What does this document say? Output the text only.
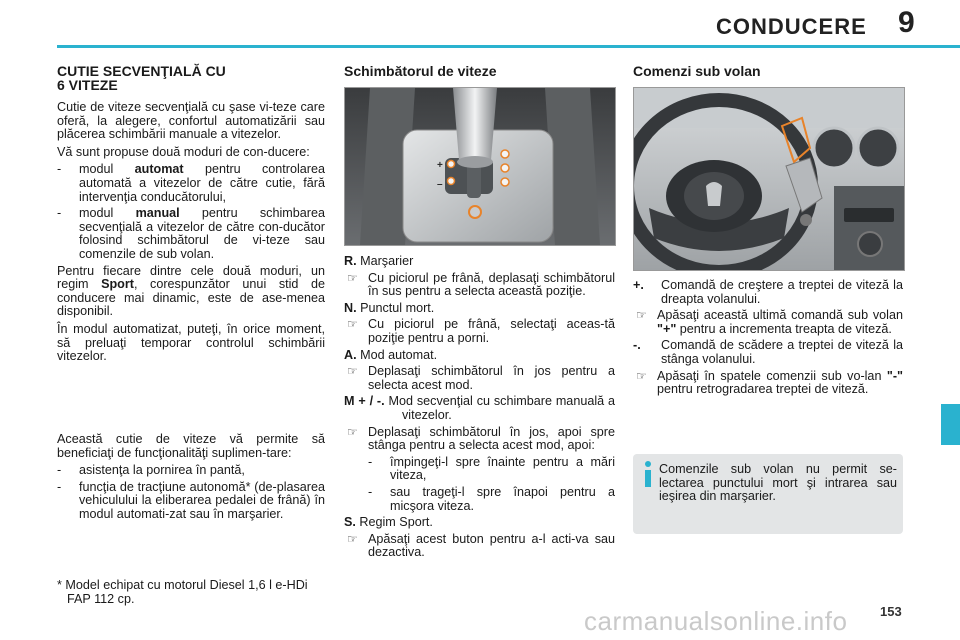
CONDUCERE 9
CUTIE SECVENŢIALĂ CU
6 VITEZE

Cutie de viteze secvenţială cu şase vi-teze care oferă, la alegere, confortul automatizării sau plăcerea schimbării manuale a vitezelor.

Vă sunt propuse două moduri de con-ducere:

- modul automat pentru controlarea automată a vitezelor de către cutie, fără intervenţia conducătorului,
- modul manual pentru schimbarea secvenţială a vitezelor de către con-ducător folosind schimbătorul de vi-teze sau comenzile de sub volan.

Pentru fiecare dintre cele două moduri, un regim Sport, corespunzător unui stid de conducere mai dinamic, este de ase-menea disponibil.

În modul automatizat, puteţi, în orice moment, să preluaţi temporar controlul schimbării vitezelor.

Această cutie de viteze vă permite să beneficiaţi de funcţionalităţi suplimen-tare:

- asistenţa la pornirea în pantă,
- funcţia de tracţiune autonomă* (de-plasarea vehiculului la eliberarea pedalei de frână) în modul automati-zat sau în marşarier.
* Model echipat cu motorul Diesel 1,6 l e-HDi FAP 112 cp.
Schimbătorul de viteze
+
–
R. Marşarier
☞ Cu piciorul pe frână, deplasaţi schimbătorul în sus pentru a selecta această poziţie.
N. Punctul mort.
☞ Cu piciorul pe frână, selectaţi aceas-tă poziţie pentru a porni.
A. Mod automat.
☞ Deplasaţi schimbătorul în jos pentru a selecta acest mod.
M + / -. Mod secvenţial cu schimbare manuală a vitezelor.
☞ Deplasaţi schimbătorul în jos, apoi spre stânga pentru a selecta acest mod, apoi:
- împingeţi-l spre înainte pentru a mări viteza,
- sau trageţi-l spre înapoi pentru a micşora viteza.
S. Regim Sport.
☞ Apăsaţi acest buton pentru a-l acti-va sau dezactiva.
Comenzi sub volan
+. Comandă de creştere a treptei de viteză la dreapta volanului.
☞ Apăsaţi această ultimă comandă sub volan "+" pentru a incrementa treapta de viteză.
-. Comandă de scădere a treptei de viteză la stânga volanului.
☞ Apăsaţi în spatele comenzii sub vo-lan "-" pentru retrogradarea treptei de viteză.
Comenzile sub volan nu permit se-lectarea punctului mort şi intrarea sau ieşirea din marşarier.
carmanualsonline.info	153
